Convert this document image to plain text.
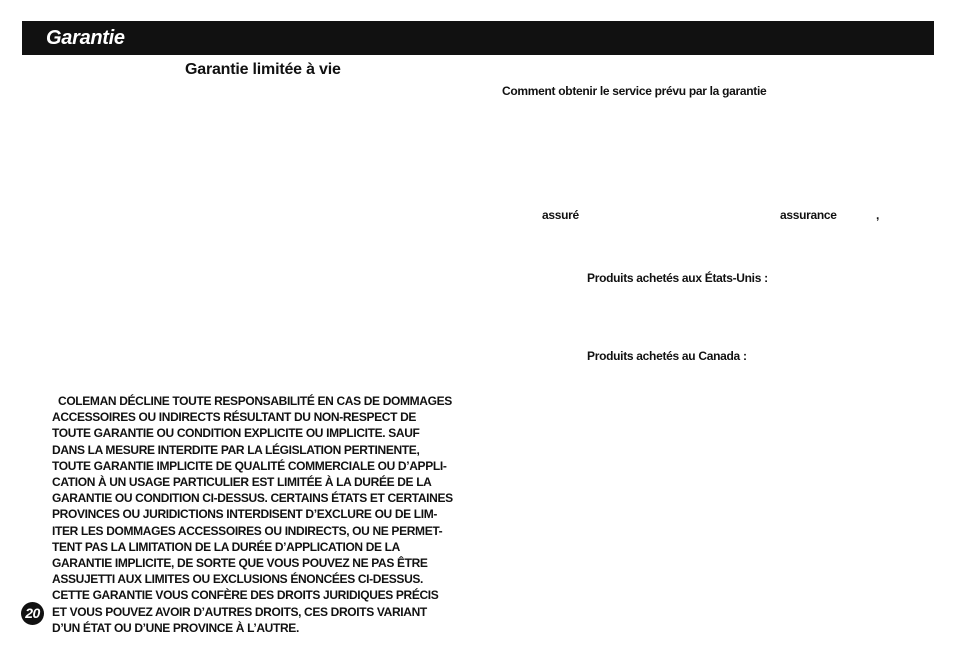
Garantie
Garantie limitée à vie

COLEMAN DÉCLINE TOUTE RESPONSABILITÉ EN CAS DE DOMMAGES
ACCESSOIRES OU INDIRECTS RÉSULTANT DU NON-RESPECT DE
TOUTE GARANTIE OU CONDITION EXPLICITE OU IMPLICITE. SAUF
DANS LA MESURE INTERDITE PAR LA LÉGISLATION PERTINENTE,
TOUTE GARANTIE IMPLICITE DE QUALITÉ COMMERCIALE OU D’APPLI-
CATION À UN USAGE PARTICULIER EST LIMITÉE À LA DURÉE DE LA
GARANTIE OU CONDITION CI-DESSUS. CERTAINS ÉTATS ET CERTAINES
PROVINCES OU JURIDICTIONS INTERDISENT D’EXCLURE OU DE LIM-
ITER LES DOMMAGES ACCESSOIRES OU INDIRECTS, OU NE PERMET-
TENT PAS LA LIMITATION DE LA DURÉE D’APPLICATION DE LA
GARANTIE IMPLICITE, DE SORTE QUE VOUS POUVEZ NE PAS ÊTRE
ASSUJETTI AUX LIMITES OU EXCLUSIONS ÉNONCÉES CI-DESSUS.
CETTE GARANTIE VOUS CONFÈRE DES DROITS JURIDIQUES PRÉCIS
ET VOUS POUVEZ AVOIR D’AUTRES DROITS, CES DROITS VARIANT
D’UN ÉTAT OU D’UNE PROVINCE À L’AUTRE.

Comment obtenir le service prévu par la garantie
assuré	assurance	,
Produits achetés aux États-Unis :
Produits achetés au Canada :
20
